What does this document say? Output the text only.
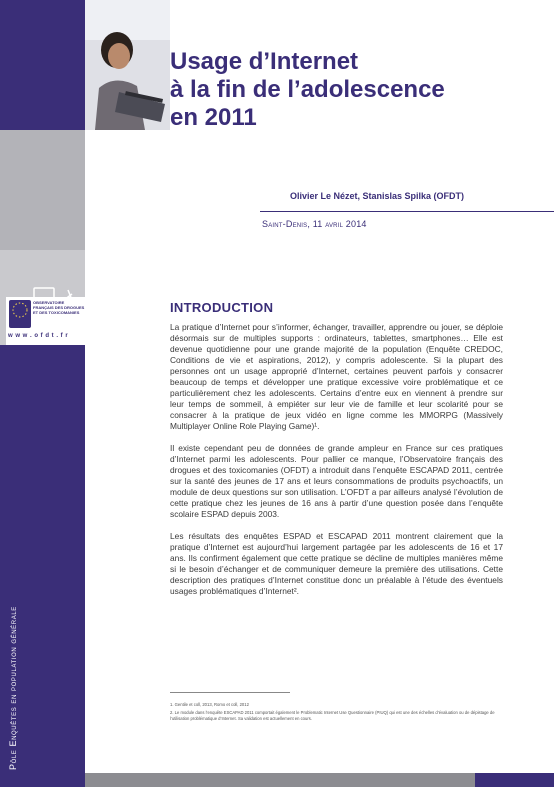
OBSERVATOIRE FRANÇAIS DES DROGUES ET DES TOXICOMANIES
w w w . o f d t . f r
Pôle Enquêtes en population générale
Usage d’Internet
à la fin de l’adolescence
en 2011
Olivier Le Nézet, Stanislas Spilka (OFDT)
Saint-Denis, 11 avril 2014
INTRODUCTION

La pratique d’Internet pour s’informer, échanger, travailler, apprendre ou jouer, se déploie désormais sur de multiples supports : ordinateurs, tablettes, smartphones… Elle est devenue quotidienne pour une grande majorité de la population (Enquête CREDOC, Conditions de vie et aspirations, 2012), y compris adolescente. Si la plupart des personnes ont un usage approprié d’Internet, certaines peuvent parfois y consacrer beaucoup de temps et développer une pratique excessive voire problématique et ce particulièrement chez les adolescents. Certains d’entre eux en viennent à prendre sur leur temps de sommeil, à empiéter sur leur vie de famille et leur scolarité pour se consacrer à la pratique de jeux vidéo en ligne comme les MMORPG (Massively Multiplayer Online Role Playing Game)¹.

Il existe cependant peu de données de grande ampleur en France sur ces pratiques d’Internet parmi les adolescents. Pour pallier ce manque, l’Observatoire français des drogues et des toxicomanies (OFDT) a introduit dans l’enquête ESCAPAD 2011, centrée sur la santé des jeunes de 17 ans et leurs consommations de produits psychoactifs, un module de deux questions sur son utilisation. L’OFDT a par ailleurs analysé l’évolution de cette pratique chez les jeunes de 16 ans à partir d’une question posée dans l’enquête scolaire ESPAD depuis 2003.

Les résultats des enquêtes ESPAD et ESCAPAD 2011 montrent clairement que la pratique d’Internet est aujourd’hui largement partagée par les adolescents de 16 et 17 ans. Ils confirment également que cette pratique se décline de multiples manières même si le besoin d’échanger et de communiquer demeure la première des utilisations. Cette description des pratiques d’Internet constitue donc un préalable à l’étude des éventuels usages problématiques d’Internet².

1. Gentile et coll, 2013, Romo et coll, 2012
2. Le module dans l’enquête ESCAPAD 2011 comportait également le Problematic Internet Use Questionnaire (PIUQ) qui est une des échelles d’évaluation ou de dépistage de l’utilisation problématique d’Internet. Sa validation est actuellement en cours.
